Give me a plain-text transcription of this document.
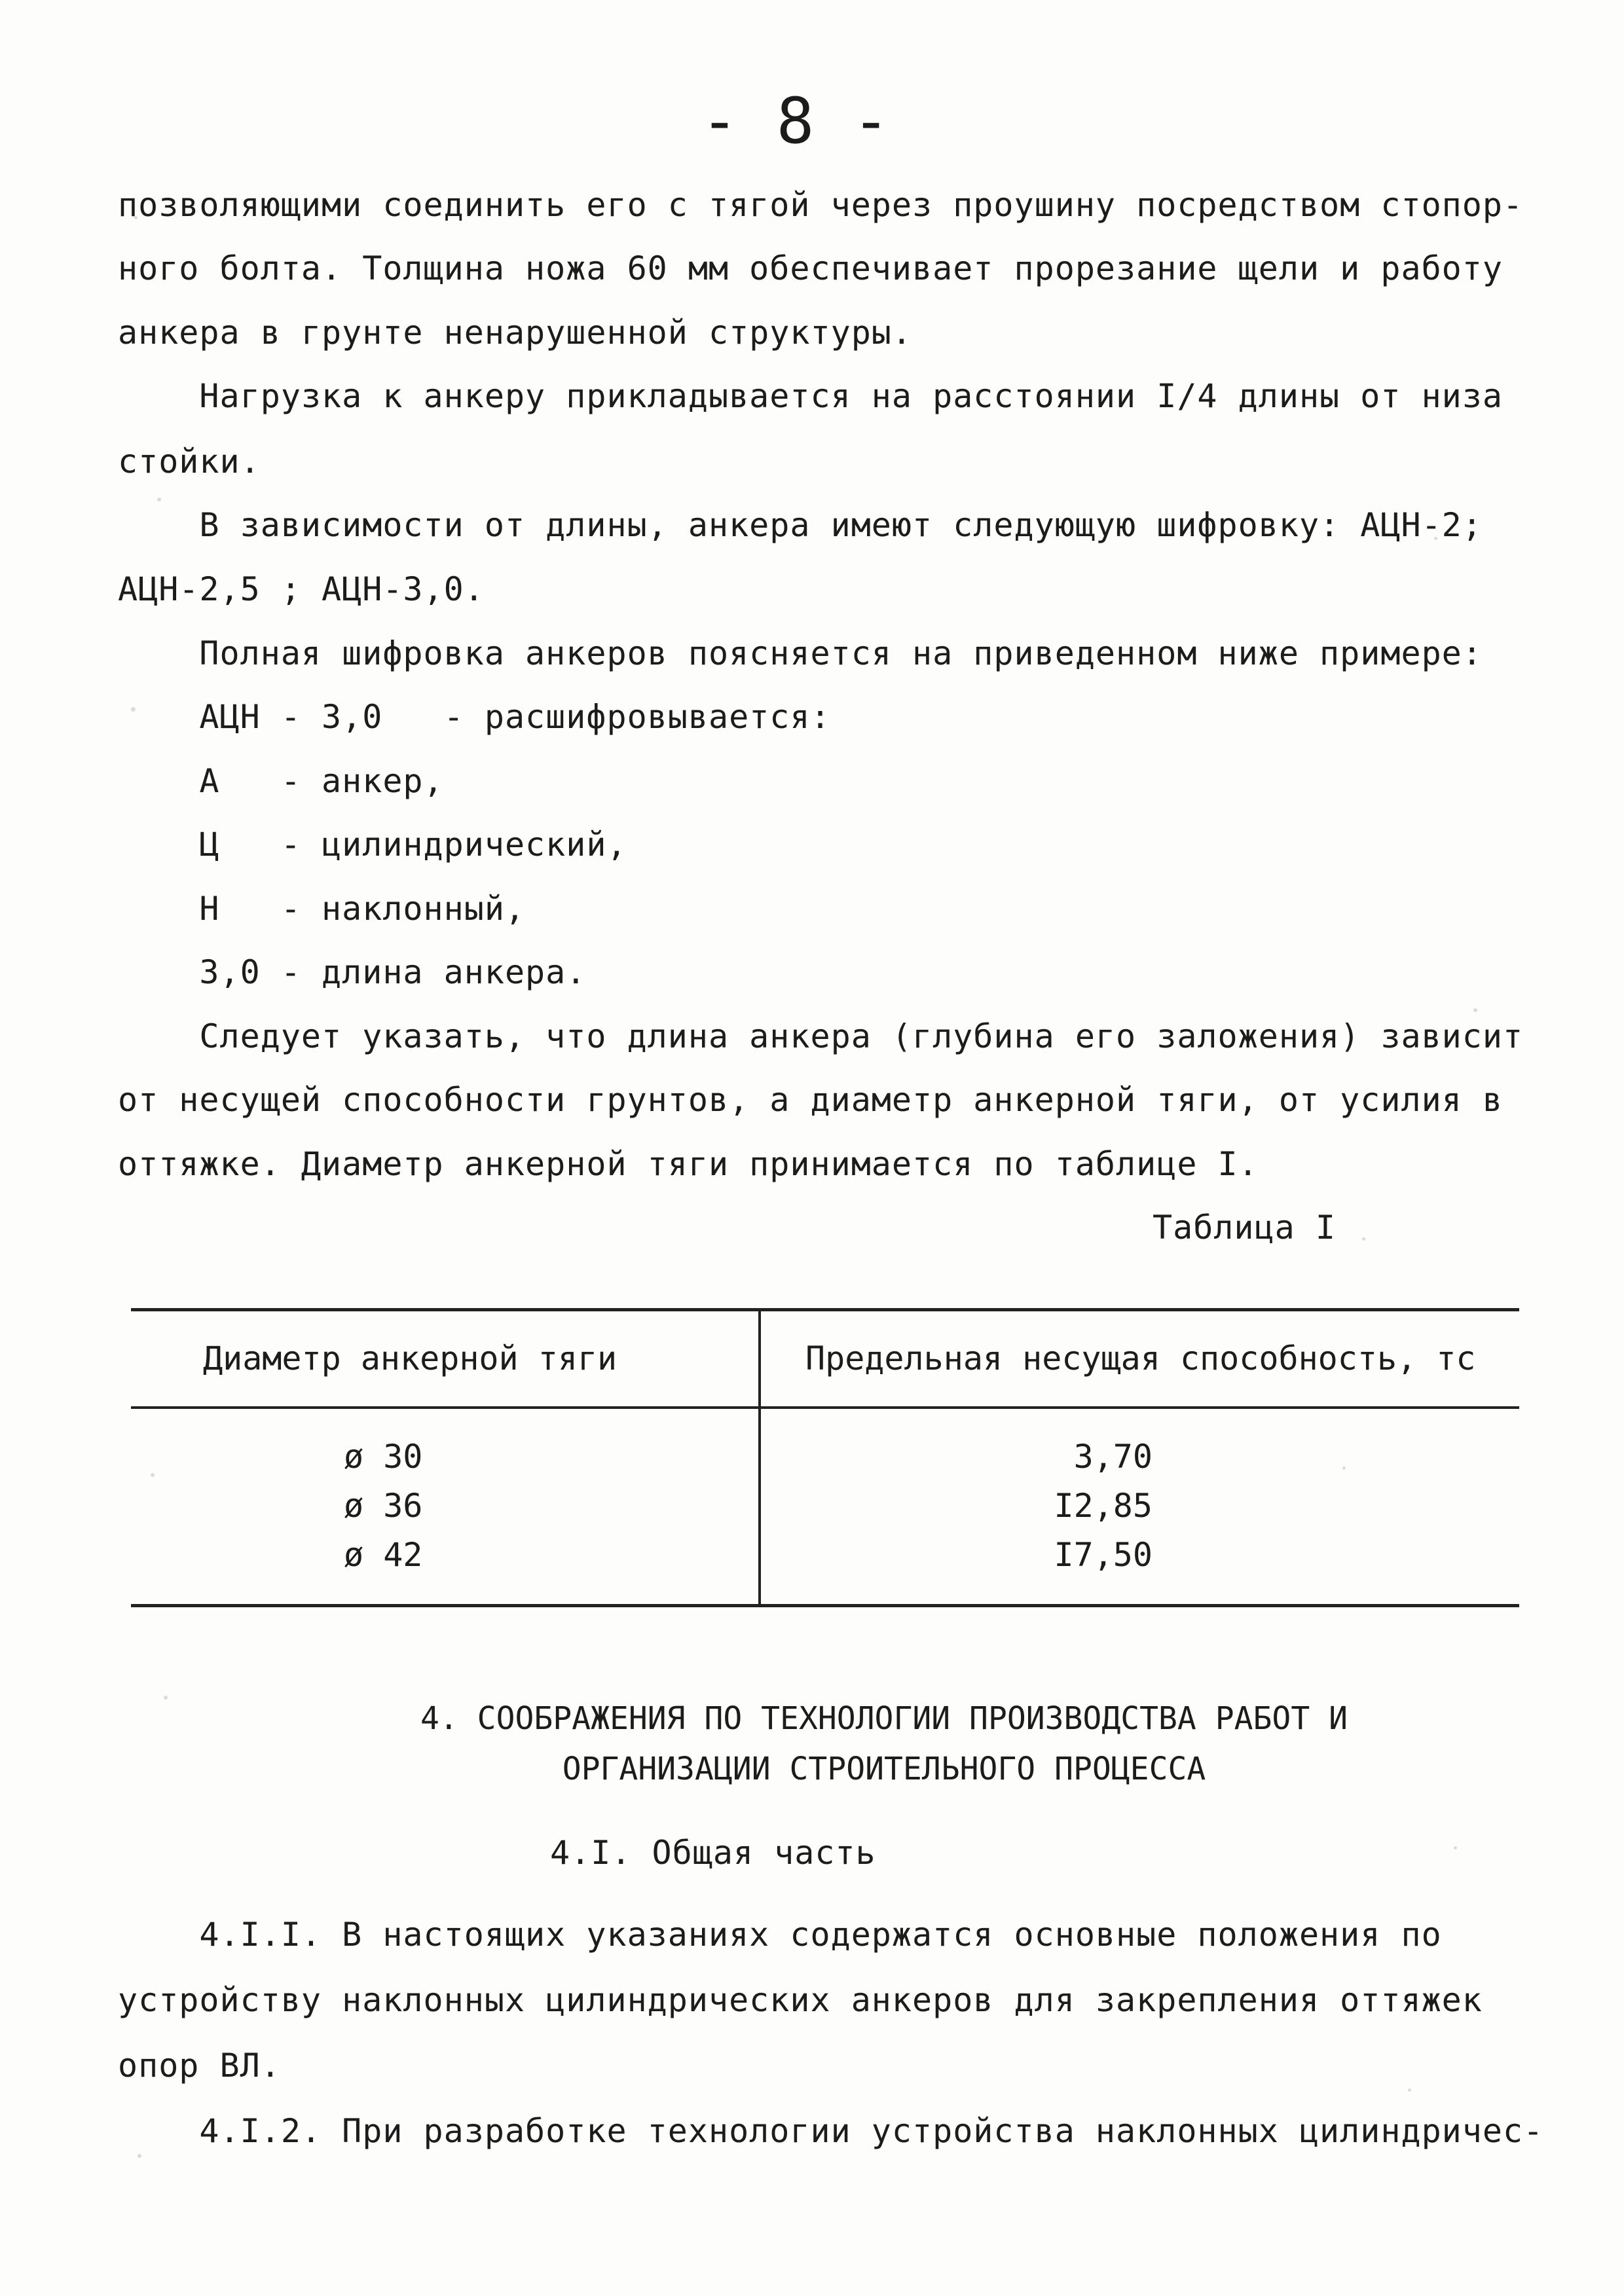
- 8 -
позволяющими соединить его с тягой через проушину посредством стопор-
ного болта. Толщина ножа 60 мм обеспечивает прорезание щели и работу
анкера в грунте ненарушенной структуры.
Нагрузка к анкеру прикладывается на расстоянии I/4 длины от низа
стойки.
В зависимости от длины, анкера имеют следующую шифровку: АЦН-2;
АЦН-2,5 ; АЦН-3,0.
Полная шифровка анкеров поясняется на приведенном ниже примере:
АЦН - 3,0   - расшифровывается:
А   - анкер,
Ц   - цилиндрический,
Н   - наклонный,
3,0 - длина анкера.
Следует указать, что длина анкера (глубина его заложения) зависит
от несущей способности грунтов, а диаметр анкерной тяги, от усилия в
оттяжке. Диаметр анкерной тяги принимается по таблице I.
Таблица I
Диаметр анкерной тяги	Предельная несущая способность, тс
ø 30	3,70
ø 36	I2,85
ø 42	I7,50
4. СООБРАЖЕНИЯ ПО ТЕХНОЛОГИИ ПРОИЗВОДСТВА РАБОТ И
ОРГАНИЗАЦИИ СТРОИТЕЛЬНОГО ПРОЦЕССА
4.I. Общая часть
4.I.I. В настоящих указаниях содержатся основные положения по
устройству наклонных цилиндрических анкеров для закрепления оттяжек
опор ВЛ.
4.I.2. При разработке технологии устройства наклонных цилиндричес-
